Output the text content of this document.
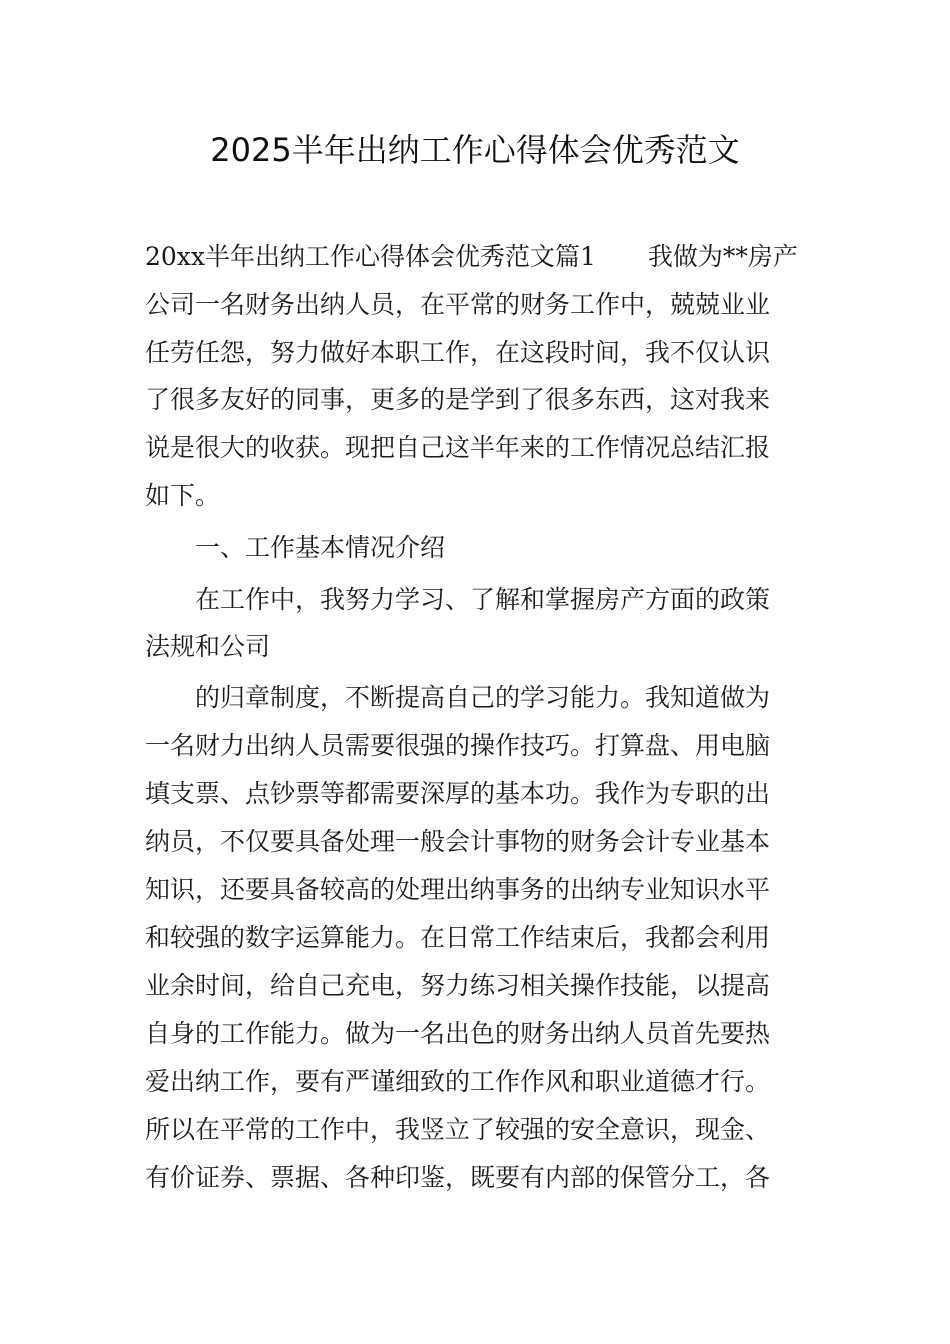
2025半年出纳工作心得体会优秀范文
20xx半年出纳工作心得体会优秀范文篇1 我做为**房产
公司一名财务出纳人员，在平常的财务工作中，兢兢业业
任劳任怨，努力做好本职工作，在这段时间，我不仅认识
了很多友好的同事，更多的是学到了很多东西，这对我来
说是很大的收获。现把自己这半年来的工作情况总结汇报
如下。
一、工作基本情况介绍
在工作中，我努力学习、了解和掌握房产方面的政策
法规和公司
的归章制度，不断提高自己的学习能力。我知道做为
一名财力出纳人员需要很强的操作技巧。打算盘、用电脑
填支票、点钞票等都需要深厚的基本功。我作为专职的出
纳员，不仅要具备处理一般会计事物的财务会计专业基本
知识，还要具备较高的处理出纳事务的出纳专业知识水平
和较强的数字运算能力。在日常工作结束后，我都会利用
业余时间，给自己充电，努力练习相关操作技能，以提高
自身的工作能力。做为一名出色的财务出纳人员首先要热
爱出纳工作，要有严谨细致的工作作风和职业道德才行。
所以在平常的工作中，我竖立了较强的安全意识，现金、
有价证券、票据、各种印鉴，既要有内部的保管分工，各
